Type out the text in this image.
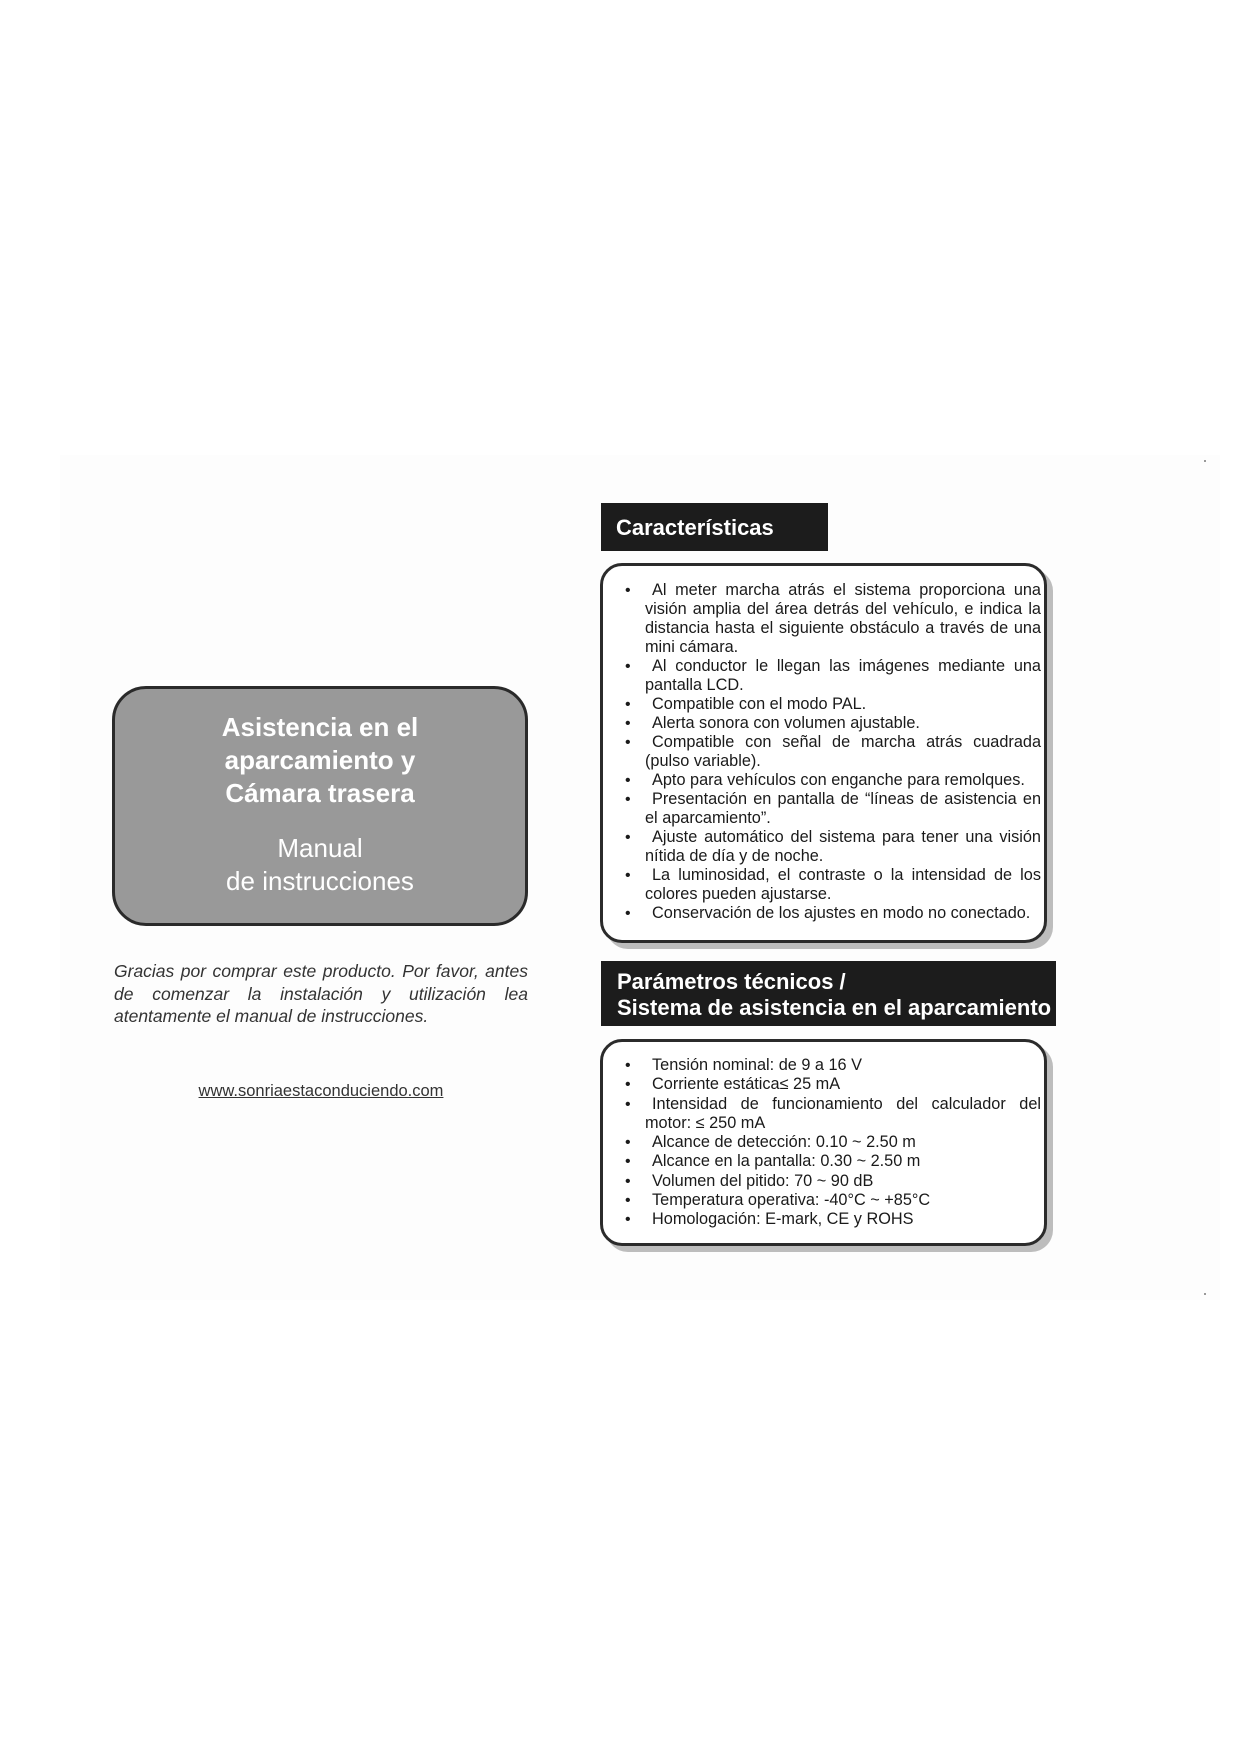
Asistencia en el
aparcamiento y
Cámara trasera
Manual
de instrucciones

Gracias por comprar este producto. Por favor, antes de comenzar la instalación y utilización lea atentamente el manual de instrucciones.

www.sonriaestaconduciendo.com
Características
• Al meter marcha atrás el sistema proporciona una visión amplia del área detrás del vehículo, e indica la distancia hasta el siguiente obstáculo a través de una mini cámara.
• Al conductor le llegan las imágenes mediante una pantalla LCD.
• Compatible con el modo PAL.
• Alerta sonora con volumen ajustable.
• Compatible con señal de marcha atrás cuadrada (pulso variable).
• Apto para vehículos con enganche para remolques.
• Presentación en pantalla de “líneas de asistencia en el aparcamiento”.
• Ajuste automático del sistema para tener una visión nítida de día y de noche.
• La luminosidad, el contraste o la intensidad de los colores pueden ajustarse.
• Conservación de los ajustes en modo no conectado.
Parámetros técnicos /
Sistema de asistencia en el aparcamiento
• Tensión nominal: de 9 a 16 V
• Corriente estática≤ 25 mA
• Intensidad de funcionamiento del calculador del motor: ≤ 250 mA
• Alcance de detección: 0.10 ~ 2.50 m
• Alcance en la pantalla: 0.30 ~ 2.50 m
• Volumen del pitido: 70 ~ 90 dB
• Temperatura operativa: -40°C ~ +85°C
• Homologación: E-mark, CE y ROHS
